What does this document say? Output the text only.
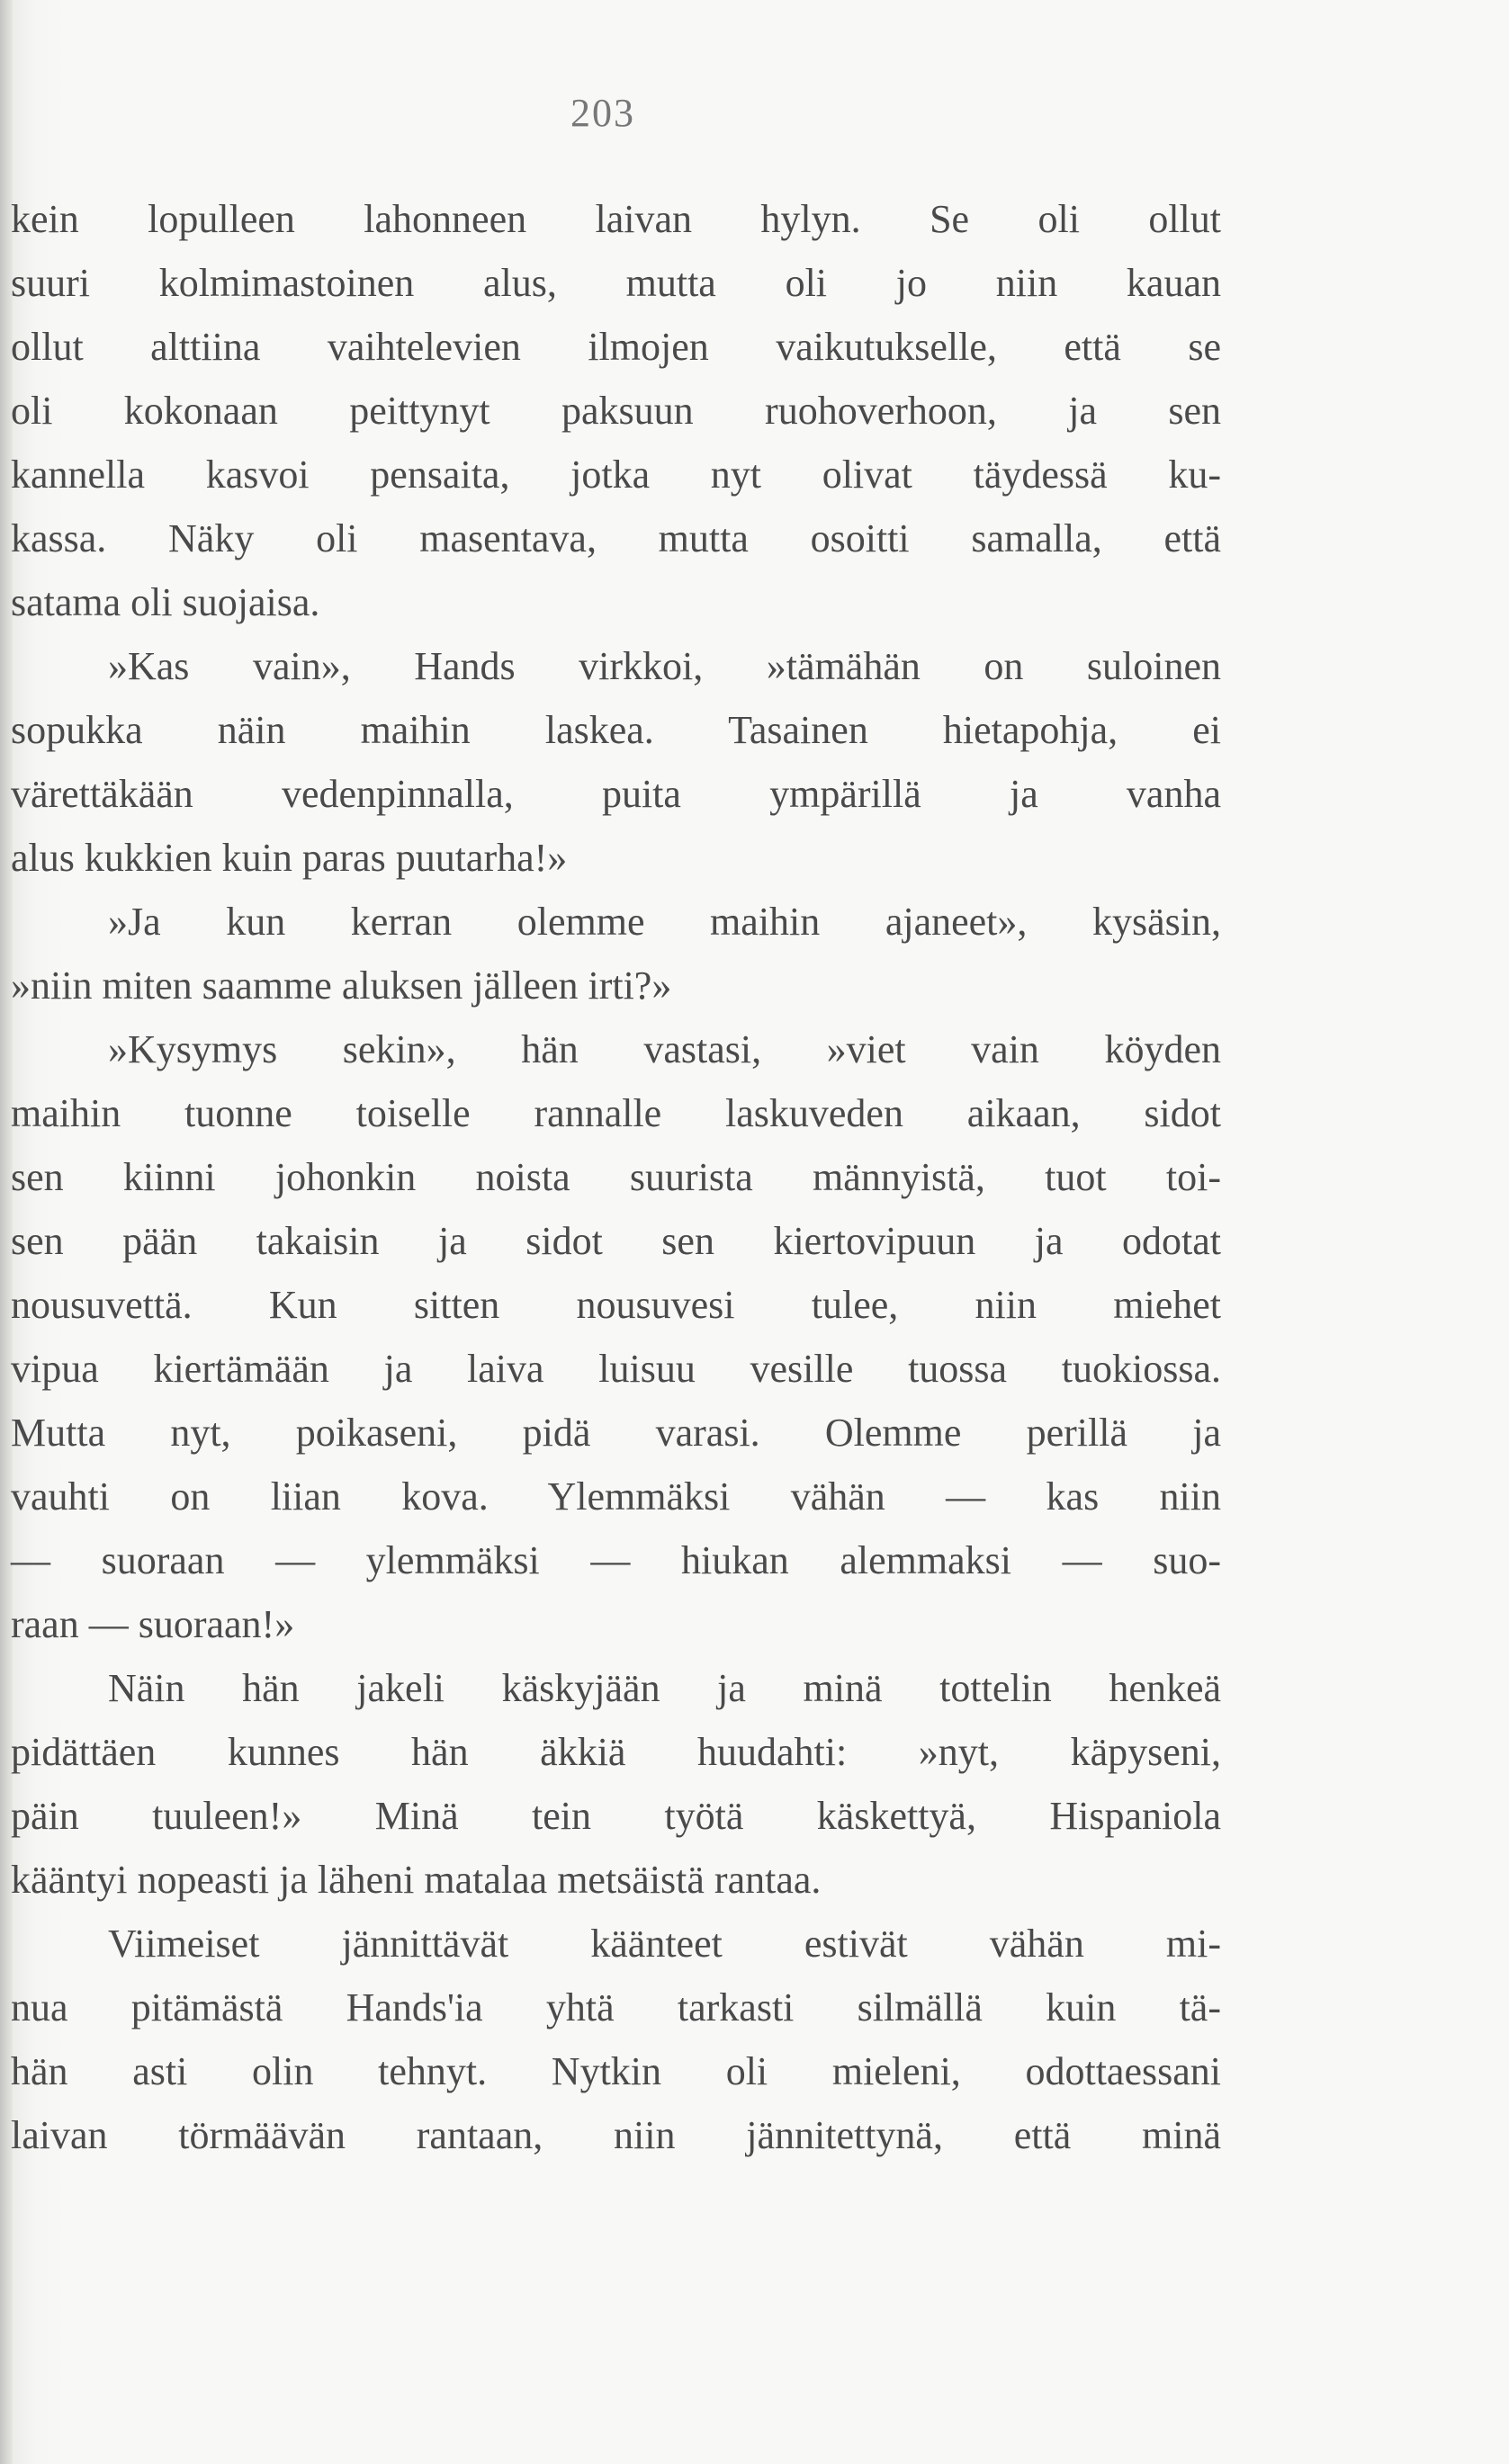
203
kein lopulleen lahonneen laivan hylyn. Se oli ollut
suuri kolmimastoinen alus, mutta oli jo niin kauan
ollut alttiina vaihtelevien ilmojen vaikutukselle, että se
oli kokonaan peittynyt paksuun ruohoverhoon, ja sen
kannella kasvoi pensaita, jotka nyt olivat täydessä ku-
kassa. Näky oli masentava, mutta osoitti samalla, että
satama oli suojaisa.
»Kas vain», Hands virkkoi, »tämähän on suloinen
sopukka näin maihin laskea. Tasainen hietapohja, ei
värettäkään vedenpinnalla, puita ympärillä ja vanha
alus kukkien kuin paras puutarha!»
»Ja kun kerran olemme maihin ajaneet», kysäsin,
»niin miten saamme aluksen jälleen irti?»
»Kysymys sekin», hän vastasi, »viet vain köyden
maihin tuonne toiselle rannalle laskuveden aikaan, sidot
sen kiinni johonkin noista suurista männyistä, tuot toi-
sen pään takaisin ja sidot sen kiertovipuun ja odotat
nousuvettä. Kun sitten nousuvesi tulee, niin miehet
vipua kiertämään ja laiva luisuu vesille tuossa tuokiossa.
Mutta nyt, poikaseni, pidä varasi. Olemme perillä ja
vauhti on liian kova. Ylemmäksi vähän — kas niin
— suoraan — ylemmäksi — hiukan alemmaksi — suo-
raan — suoraan!»
Näin hän jakeli käskyjään ja minä tottelin henkeä
pidättäen kunnes hän äkkiä huudahti: »nyt, käpyseni,
päin tuuleen!» Minä tein työtä käskettyä, Hispaniola
kääntyi nopeasti ja läheni matalaa metsäistä rantaa.
Viimeiset jännittävät käänteet estivät vähän mi-
nua pitämästä Hands'ia yhtä tarkasti silmällä kuin tä-
hän asti olin tehnyt. Nytkin oli mieleni, odottaessani
laivan törmäävän rantaan, niin jännitettynä, että minä
